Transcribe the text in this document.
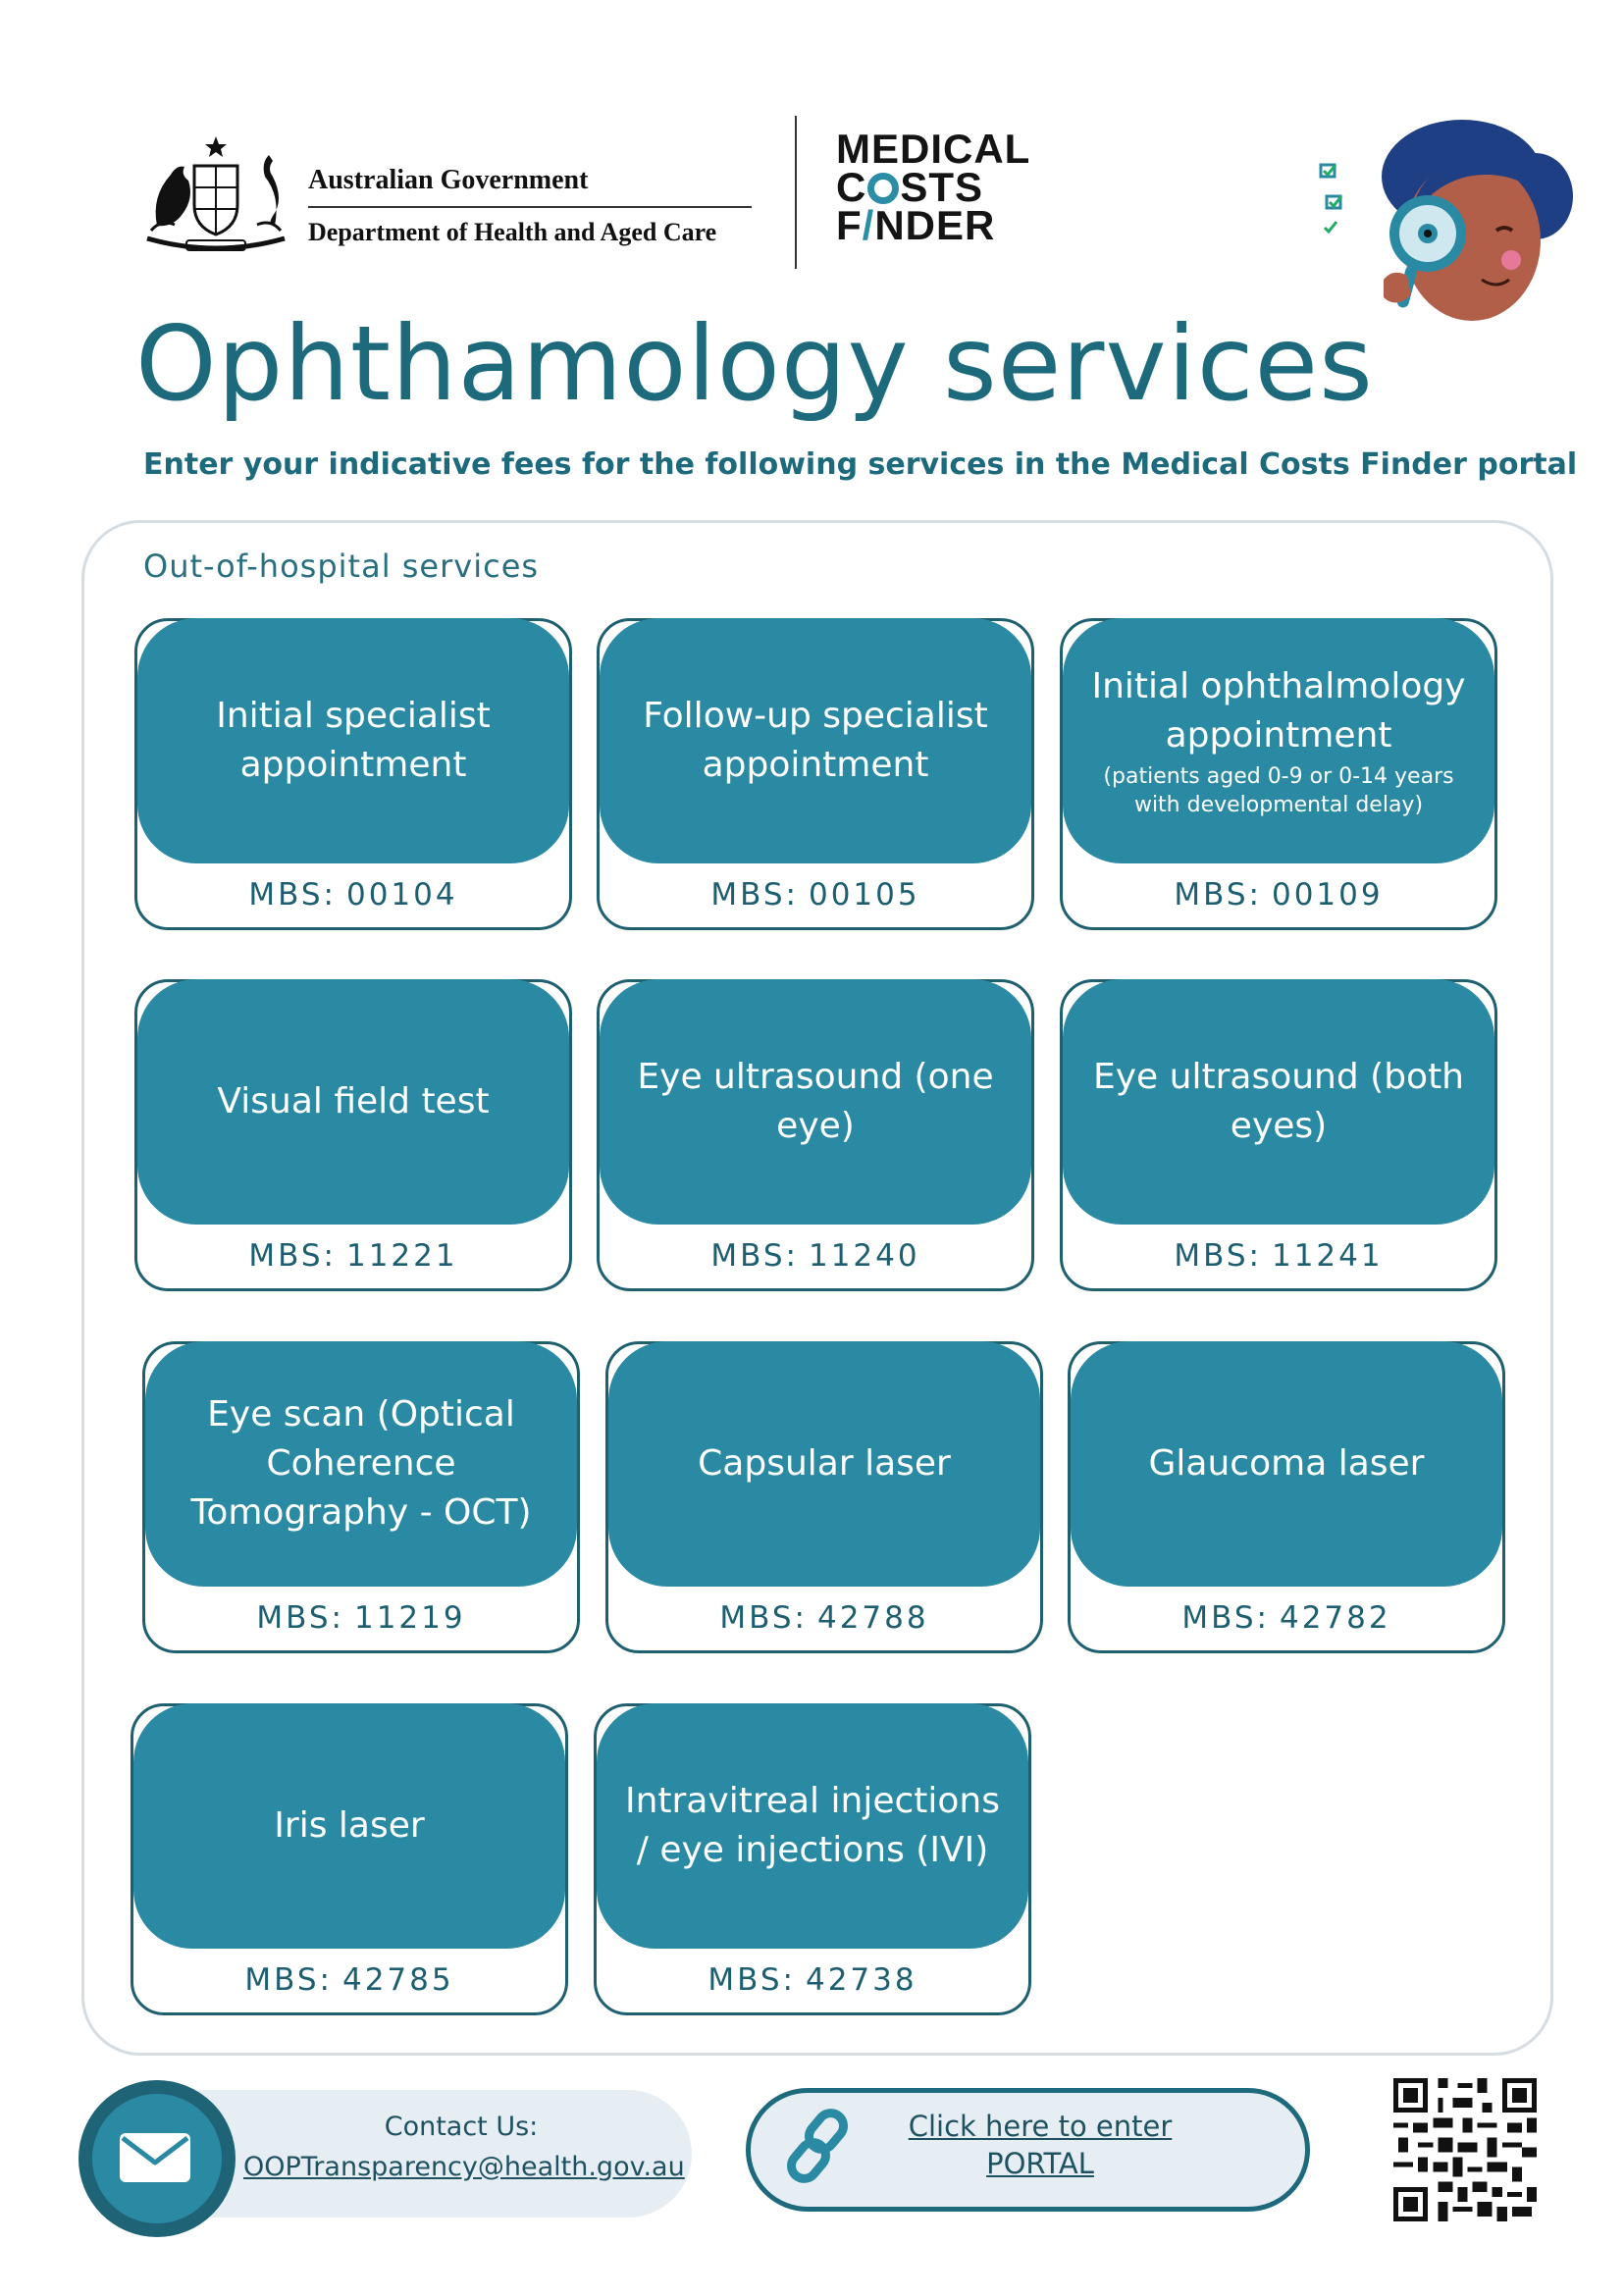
Australian Government
Department of Health and Aged Care
MEDICAL
C STS
F/NDER
Ophthamology services
Enter your indicative fees for the following services in the Medical Costs Finder portal
Out-of-hospital services
Initial specialist appointment
MBS: 00104
Follow-up specialist appointment
MBS: 00105
Initial ophthalmology appointment
(patients aged 0-9 or 0-14 years with developmental delay)
MBS: 00109
Visual field test
MBS: 11221
Eye ultrasound (one eye)
MBS: 11240
Eye ultrasound (both eyes)
MBS: 11241
Eye scan (Optical Coherence Tomography - OCT)
MBS: 11219
Capsular laser
MBS: 42788
Glaucoma laser
MBS: 42782
Iris laser
MBS: 42785
Intravitreal injections / eye injections (IVI)
MBS: 42738
Contact Us:
OOPTransparency@health.gov.au
Click here to enter
PORTAL
